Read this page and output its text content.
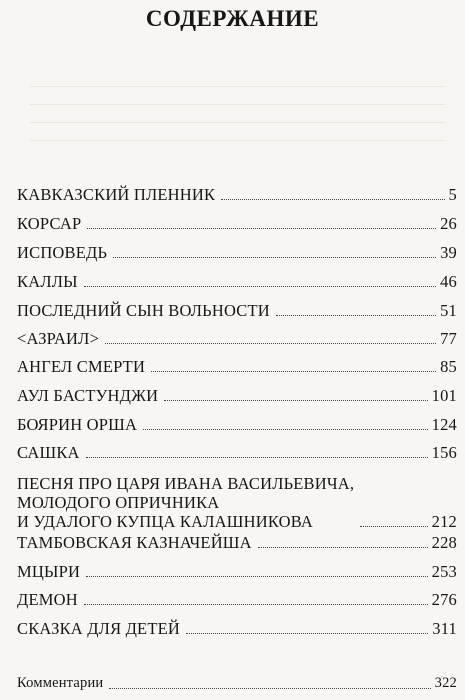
СОДЕРЖАНИЕ
КАВКАЗСКИЙ ПЛЕННИК	5
КОРСАР	26
ИСПОВЕДЬ	39
КАЛЛЫ	46
ПОСЛЕДНИЙ СЫН ВОЛЬНОСТИ	51
<АЗРАИЛ>	77
АНГЕЛ СМЕРТИ	85
АУЛ БАСТУНДЖИ	101
БОЯРИН ОРША	124
САШКА	156
ПЕСНЯ ПРО ЦАРЯ ИВАНА ВАСИЛЬЕВИЧА,
МОЛОДОГО ОПРИЧНИКА
И УДАЛОГО КУПЦА КАЛАШНИКОВА	212
ТАМБОВСКАЯ КАЗНАЧЕЙША	228
МЦЫРИ	253
ДЕМОН	276
СКАЗКА ДЛЯ ДЕТЕЙ	311
Комментарии	322
